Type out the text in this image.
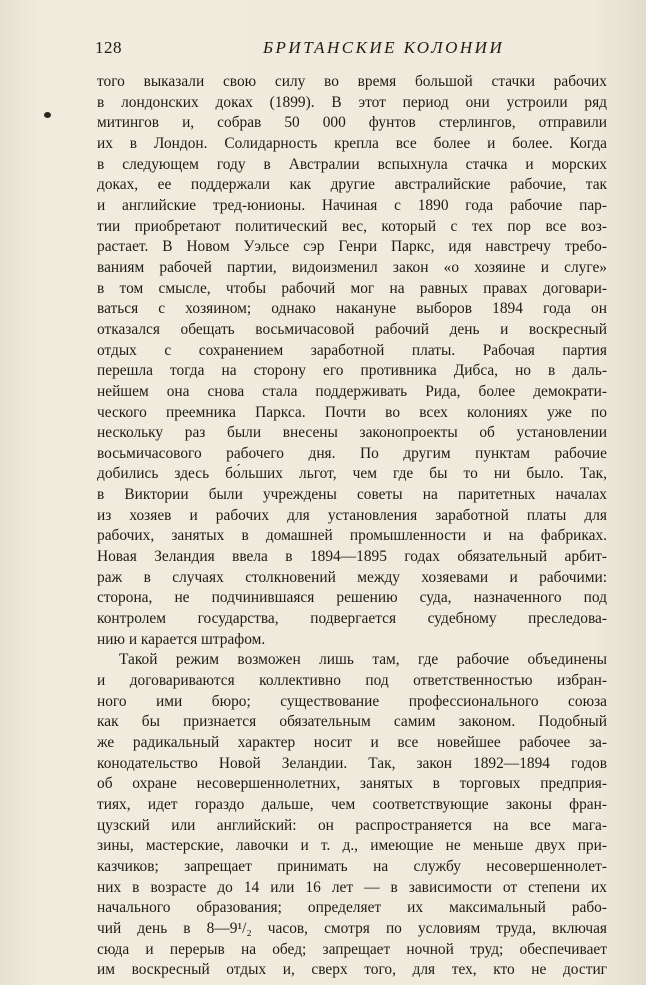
128	БРИТАНСКИЕ КОЛОНИИ
того выказали свою силу во время большой стачки рабочих
в лондонских доках (1899). В этот период они устроили ряд
митингов и, собрав 50 000 фунтов стерлингов, отправили
их в Лондон. Солидарность крепла все более и более. Когда
в следующем году в Австралии вспыхнула стачка и морских
доках, ее поддержали как другие австралийские рабочие, так
и английские тред-юнионы. Начиная с 1890 года рабочие пар-
тии приобретают политический вес, который с тех пор все воз-
растает. В Новом Уэльсе сэр Генри Паркс, идя навстречу требо-
ваниям рабочей партии, видоизменил закон «о хозяине и слуге»
в том смысле, чтобы рабочий мог на равных правах договари-
ваться с хозяином; однако накануне выборов 1894 года он
отказался обещать восьмичасовой рабочий день и воскресный
отдых с сохранением заработной платы. Рабочая партия
перешла тогда на сторону его противника Дибса, но в даль-
нейшем она снова стала поддерживать Рида, более демократи-
ческого преемника Паркса. Почти во всех колониях уже по
нескольку раз были внесены законопроекты об установлении
восьмичасового рабочего дня. По другим пунктам рабочие
добились здесь бо́льших льгот, чем где бы то ни было. Так,
в Виктории были учреждены советы на паритетных началах
из хозяев и рабочих для установления заработной платы для
рабочих, занятых в домашней промышленности и на фабриках.
Новая Зеландия ввела в 1894—1895 годах обязательный арбит-
раж в случаях столкновений между хозяевами и рабочими:
сторона, не подчинившаяся решению суда, назначенного под
контролем государства, подвергается судебному преследова-
нию и карается штрафом.
Такой режим возможен лишь там, где рабочие объединены
и договариваются коллективно под ответственностью избран-
ного ими бюро; существование профессионального союза
как бы признается обязательным самим законом. Подобный
же радикальный характер носит и все новейшее рабочее за-
конодательство Новой Зеландии. Так, закон 1892—1894 годов
об охране несовершеннолетних, занятых в торговых предприя-
тиях, идет гораздо дальше, чем соответствующие законы фран-
цузский или английский: он распространяется на все мага-
зины, мастерские, лавочки и т. д., имеющие не меньше двух при-
казчиков; запрещает принимать на службу несовершеннолет-
них в возрасте до 14 или 16 лет — в зависимости от степени их
начального образования; определяет их максимальный рабо-
чий день в 8—9¹/₂ часов, смотря по условиям труда, включая
сюда и перерыв на обед; запрещает ночной труд; обеспечивает
им воскресный отдых и, сверх того, для тех, кто не достиг
